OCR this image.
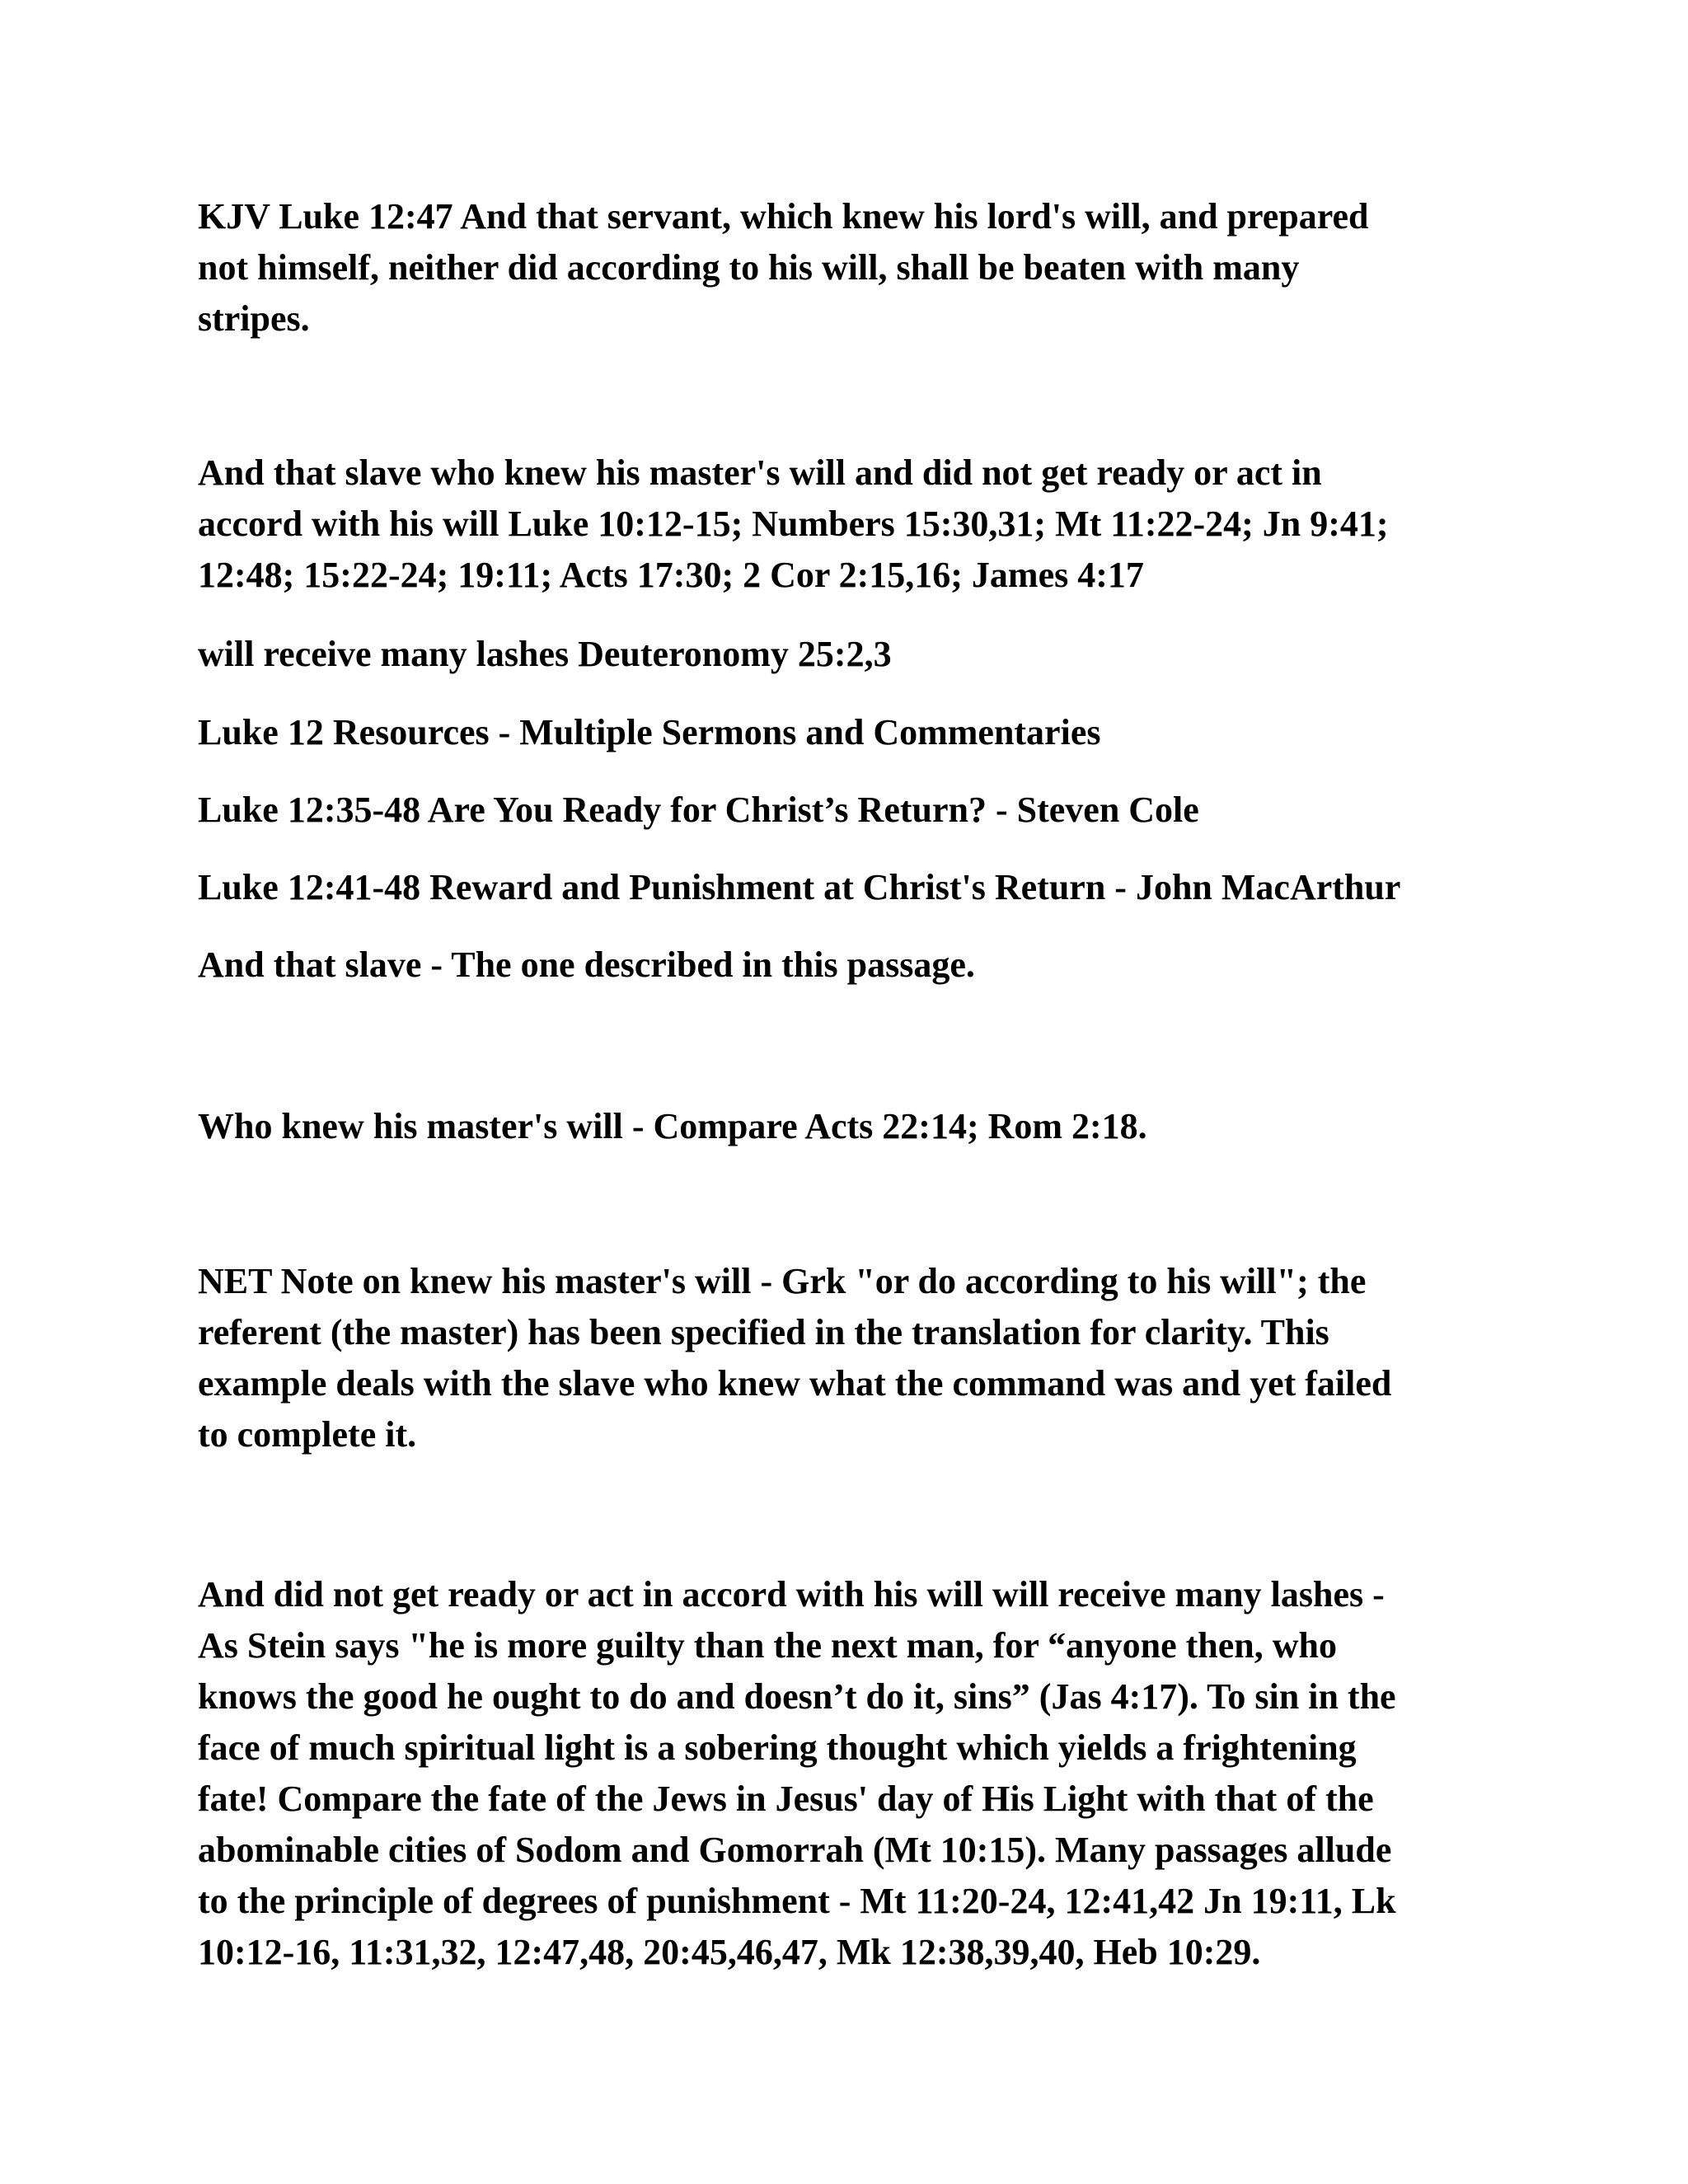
KJV Luke 12:47 And that servant, which knew his lord's will, and prepared
not himself, neither did according to his will, shall be beaten with many
stripes.
And that slave who knew his master's will and did not get ready or act in
accord with his will Luke 10:12-15; Numbers 15:30,31; Mt 11:22-24; Jn 9:41;
12:48; 15:22-24; 19:11; Acts 17:30; 2 Cor 2:15,16; James 4:17
will receive many lashes Deuteronomy 25:2,3
Luke 12 Resources - Multiple Sermons and Commentaries
Luke 12:35-48 Are You Ready for Christ’s Return? - Steven Cole
Luke 12:41-48 Reward and Punishment at Christ's Return - John MacArthur
And that slave - The one described in this passage.
Who knew his master's will - Compare Acts 22:14; Rom 2:18.
NET Note on knew his master's will - Grk "or do according to his will"; the
referent (the master) has been specified in the translation for clarity. This
example deals with the slave who knew what the command was and yet failed
to complete it.
And did not get ready or act in accord with his will will receive many lashes -
As Stein says "he is more guilty than the next man, for “anyone then, who
knows the good he ought to do and doesn’t do it, sins” (Jas 4:17). To sin in the
face of much spiritual light is a sobering thought which yields a frightening
fate! Compare the fate of the Jews in Jesus' day of His Light with that of the
abominable cities of Sodom and Gomorrah (Mt 10:15). Many passages allude
to the principle of degrees of punishment - Mt 11:20-24, 12:41,42 Jn 19:11, Lk
10:12-16, 11:31,32, 12:47,48, 20:45,46,47, Mk 12:38,39,40, Heb 10:29.
